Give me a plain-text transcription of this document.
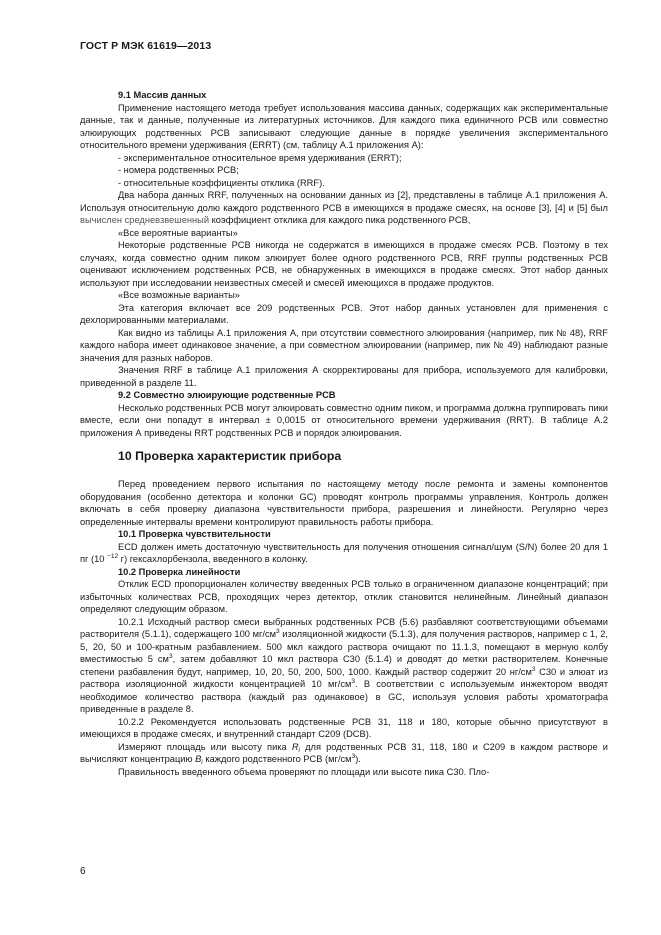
ГОСТ Р МЭК 61619—2013

9.1 Массив данных

Применение настоящего метода требует использования массива данных, содержащих как экспериментальные данные, так и данные, полученные из литературных источников. Для каждого пика единичного PCB или совместно элюирующих родственных PCB записывают следующие данные в порядке увеличения экспериментального относительного времени удерживания (ERRT) (см. таблицу А.1 приложения А):

- экспериментальное относительное время удерживания (ERRT);

- номера родственных PCB;

- относительные коэффициенты отклика (RRF).

Два набора данных RRF, полученных на основании данных из [2], представлены в таблице А.1 приложения А. Используя относительную долю каждого родственного PCB в имеющихся в продаже смесях, на основе [3], [4] и [5] был вычислен средневзвешенный коэффициент отклика для каждого пика родственного PCB,

«Все вероятные варианты»

Некоторые родственные PCB никогда не содержатся в имеющихся в продаже смесях PCB. Поэтому в тех случаях, когда совместно одним пиком элюирует более одного родственного PCB, RRF группы родственных PCB оценивают исключением родственных PCB, не обнаруженных в имеющихся в продаже смесях. Этот набор данных используют при исследовании неизвестных смесей и смесей имеющихся в продаже продуктов.

«Все возможные варианты»

Эта категория включает все 209 родственных PCB. Этот набор данных установлен для применения с дехлорированными материалами.

Как видно из таблицы А.1 приложения А, при отсутствии совместного элюирования (например, пик № 48), RRF каждого набора имеет одинаковое значение, а при совместном элюировании (например, пик № 49) наблюдают разные значения для разных наборов.

Значения RRF в таблице А.1 приложения А скорректированы для прибора, используемого для калибровки, приведенной в разделе 11.

9.2 Совместно элюирующие родственные PCB

Несколько родственных PCB могут элюировать совместно одним пиком, и программа должна группировать пики вместе, если они попадут в интервал ± 0,0015 от относительного времени удерживания (RRT). В таблице А.2 приложения А приведены RRT родственных PCB и порядок элюирования.

10 Проверка характеристик прибора

Перед проведением первого испытания по настоящему методу после ремонта и замены компонентов оборудования (особенно детектора и колонки GC) проводят контроль программы управления. Контроль должен включать в себя проверку диапазона чувствительности прибора, разрешения и линейности. Регулярно через определенные интервалы времени контролируют правильность работы прибора.

10.1 Проверка чувствительности

ECD должен иметь достаточную чувствительность для получения отношения сигнал/шум (S/N) более 20 для 1 пг (10 $^{-12}$ г) гексахлорбензола, введенного в колонку.

10.2 Проверка линейности

Отклик ECD пропорционален количеству введенных PCB только в ограниченном диапазоне концентраций; при избыточных количествах PCB, проходящих через детектор, отклик становится нелинейным. Линейный диапазон определяют следующим образом.

10.2.1 Исходный раствор смеси выбранных родственных PCB (5.6) разбавляют соответствующими объемами растворителя (5.1.1), содержащего 100 $мг/см^3$ изоляционной жидкости (5.1.3), для получения растворов, например с 1, 2, 5, 20, 50 и 100-кратным разбавлением. 500 мкл каждого раствора очищают по 11.1.3, помещают в мерную колбу вместимостью 5 $см^3$, затем добавляют 10 мкл раствора C30 (5.1.4) и доводят до метки растворителем. Конечные степени разбавления будут, например, 10, 20, 50, 200, 500, 1000. Каждый раствор содержит 20 $нг/см^3$ C30 и элюат из раствора изоляционной жидкости концентрацией 10 $мг/см^3$. В соответствии с используемым инжектором вводят необходимое количество раствора (каждый раз одинаковое) в GC, используя условия работы хроматографа приведенные в разделе 8.

10.2.2 Рекомендуется использовать родственные PCB 31, 118 и 180, которые обычно присутствуют в имеющихся в продаже смесях, и внутренний стандарт C209 (DCB).

Измеряют площадь или высоту пика $R_i$ для родственных PCB 31, 118, 180 и C209 в каждом растворе и вычисляют концентрацию $B_i$ каждого родственного PCB $(мг/см^3)$.

Правильность введенного объема проверяют по площади или высоте пика C30. Пло-

6
